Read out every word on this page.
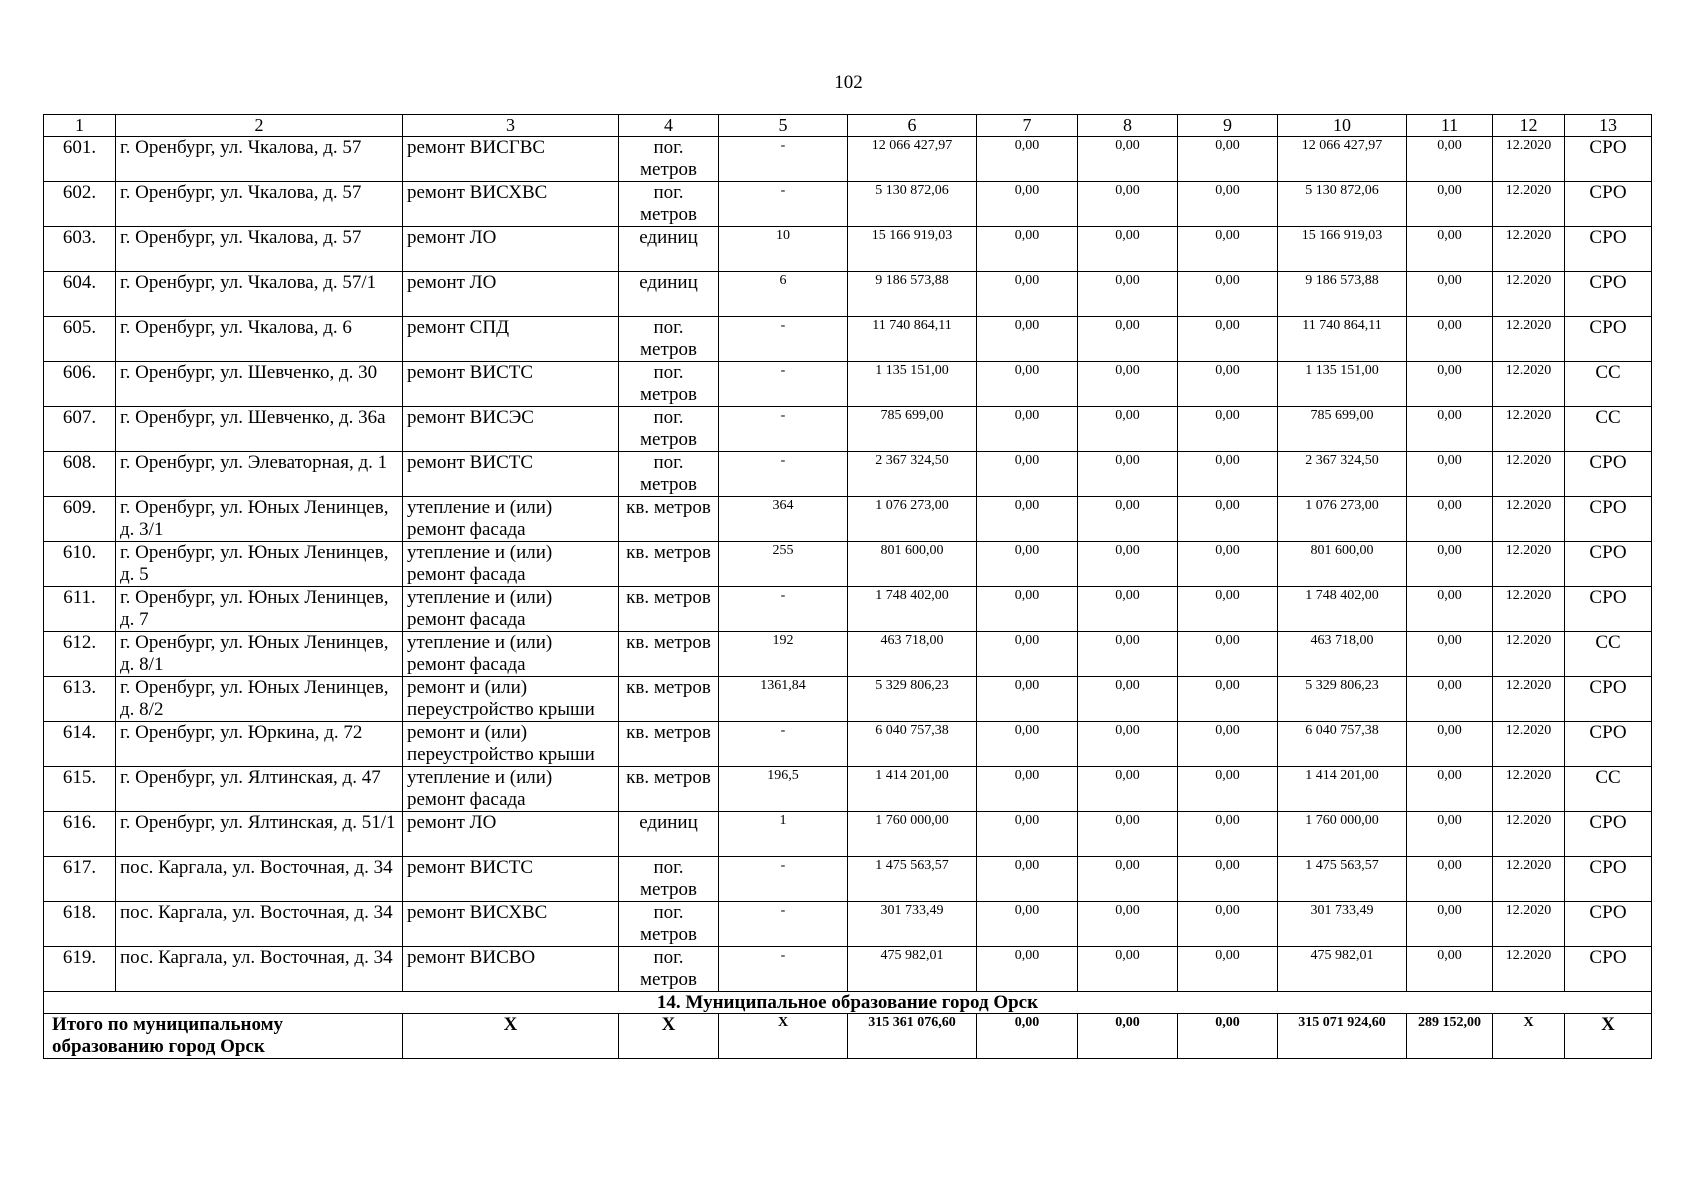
102
1	2	3	4	5	6	7	8	9	10	11	12	13
601.	г. Оренбург, ул. Чкалова, д. 57	ремонт ВИСГВС	пог. метров	-	12 066 427,97	0,00	0,00	0,00	12 066 427,97	0,00	12.2020	СРО
602.	г. Оренбург, ул. Чкалова, д. 57	ремонт ВИСХВС	пог. метров	-	5 130 872,06	0,00	0,00	0,00	5 130 872,06	0,00	12.2020	СРО
603.	г. Оренбург, ул. Чкалова, д. 57	ремонт ЛО	единиц	10	15 166 919,03	0,00	0,00	0,00	15 166 919,03	0,00	12.2020	СРО
604.	г. Оренбург, ул. Чкалова, д. 57/1	ремонт ЛО	единиц	6	9 186 573,88	0,00	0,00	0,00	9 186 573,88	0,00	12.2020	СРО
605.	г. Оренбург, ул. Чкалова, д. 6	ремонт СПД	пог. метров	-	11 740 864,11	0,00	0,00	0,00	11 740 864,11	0,00	12.2020	СРО
606.	г. Оренбург, ул. Шевченко, д. 30	ремонт ВИСТС	пог. метров	-	1 135 151,00	0,00	0,00	0,00	1 135 151,00	0,00	12.2020	СС
607.	г. Оренбург, ул. Шевченко, д. 36а	ремонт ВИСЭС	пог. метров	-	785 699,00	0,00	0,00	0,00	785 699,00	0,00	12.2020	СС
608.	г. Оренбург, ул. Элеваторная, д. 1	ремонт ВИСТС	пог. метров	-	2 367 324,50	0,00	0,00	0,00	2 367 324,50	0,00	12.2020	СРО
609.	г. Оренбург, ул. Юных Ленинцев, д. 3/1	утепление и (или) ремонт фасада	кв. метров	364	1 076 273,00	0,00	0,00	0,00	1 076 273,00	0,00	12.2020	СРО
610.	г. Оренбург, ул. Юных Ленинцев, д. 5	утепление и (или) ремонт фасада	кв. метров	255	801 600,00	0,00	0,00	0,00	801 600,00	0,00	12.2020	СРО
611.	г. Оренбург, ул. Юных Ленинцев, д. 7	утепление и (или) ремонт фасада	кв. метров	-	1 748 402,00	0,00	0,00	0,00	1 748 402,00	0,00	12.2020	СРО
612.	г. Оренбург, ул. Юных Ленинцев, д. 8/1	утепление и (или) ремонт фасада	кв. метров	192	463 718,00	0,00	0,00	0,00	463 718,00	0,00	12.2020	СС
613.	г. Оренбург, ул. Юных Ленинцев, д. 8/2	ремонт и (или) переустройство крыши	кв. метров	1361,84	5 329 806,23	0,00	0,00	0,00	5 329 806,23	0,00	12.2020	СРО
614.	г. Оренбург, ул. Юркина, д. 72	ремонт и (или) переустройство крыши	кв. метров	-	6 040 757,38	0,00	0,00	0,00	6 040 757,38	0,00	12.2020	СРО
615.	г. Оренбург, ул. Ялтинская, д. 47	утепление и (или) ремонт фасада	кв. метров	196,5	1 414 201,00	0,00	0,00	0,00	1 414 201,00	0,00	12.2020	СС
616.	г. Оренбург, ул. Ялтинская, д. 51/1	ремонт ЛО	единиц	1	1 760 000,00	0,00	0,00	0,00	1 760 000,00	0,00	12.2020	СРО
617.	пос. Каргала, ул. Восточная, д. 34	ремонт ВИСТС	пог. метров	-	1 475 563,57	0,00	0,00	0,00	1 475 563,57	0,00	12.2020	СРО
618.	пос. Каргала, ул. Восточная, д. 34	ремонт ВИСХВС	пог. метров	-	301 733,49	0,00	0,00	0,00	301 733,49	0,00	12.2020	СРО
619.	пос. Каргала, ул. Восточная, д. 34	ремонт ВИСВО	пог. метров	-	475 982,01	0,00	0,00	0,00	475 982,01	0,00	12.2020	СРО
14. Муниципальное образование город Орск												
Итого по муниципальному образованию город Орск		X	X	X	315 361 076,60	0,00	0,00	0,00	315 071 924,60	289 152,00	X	X
